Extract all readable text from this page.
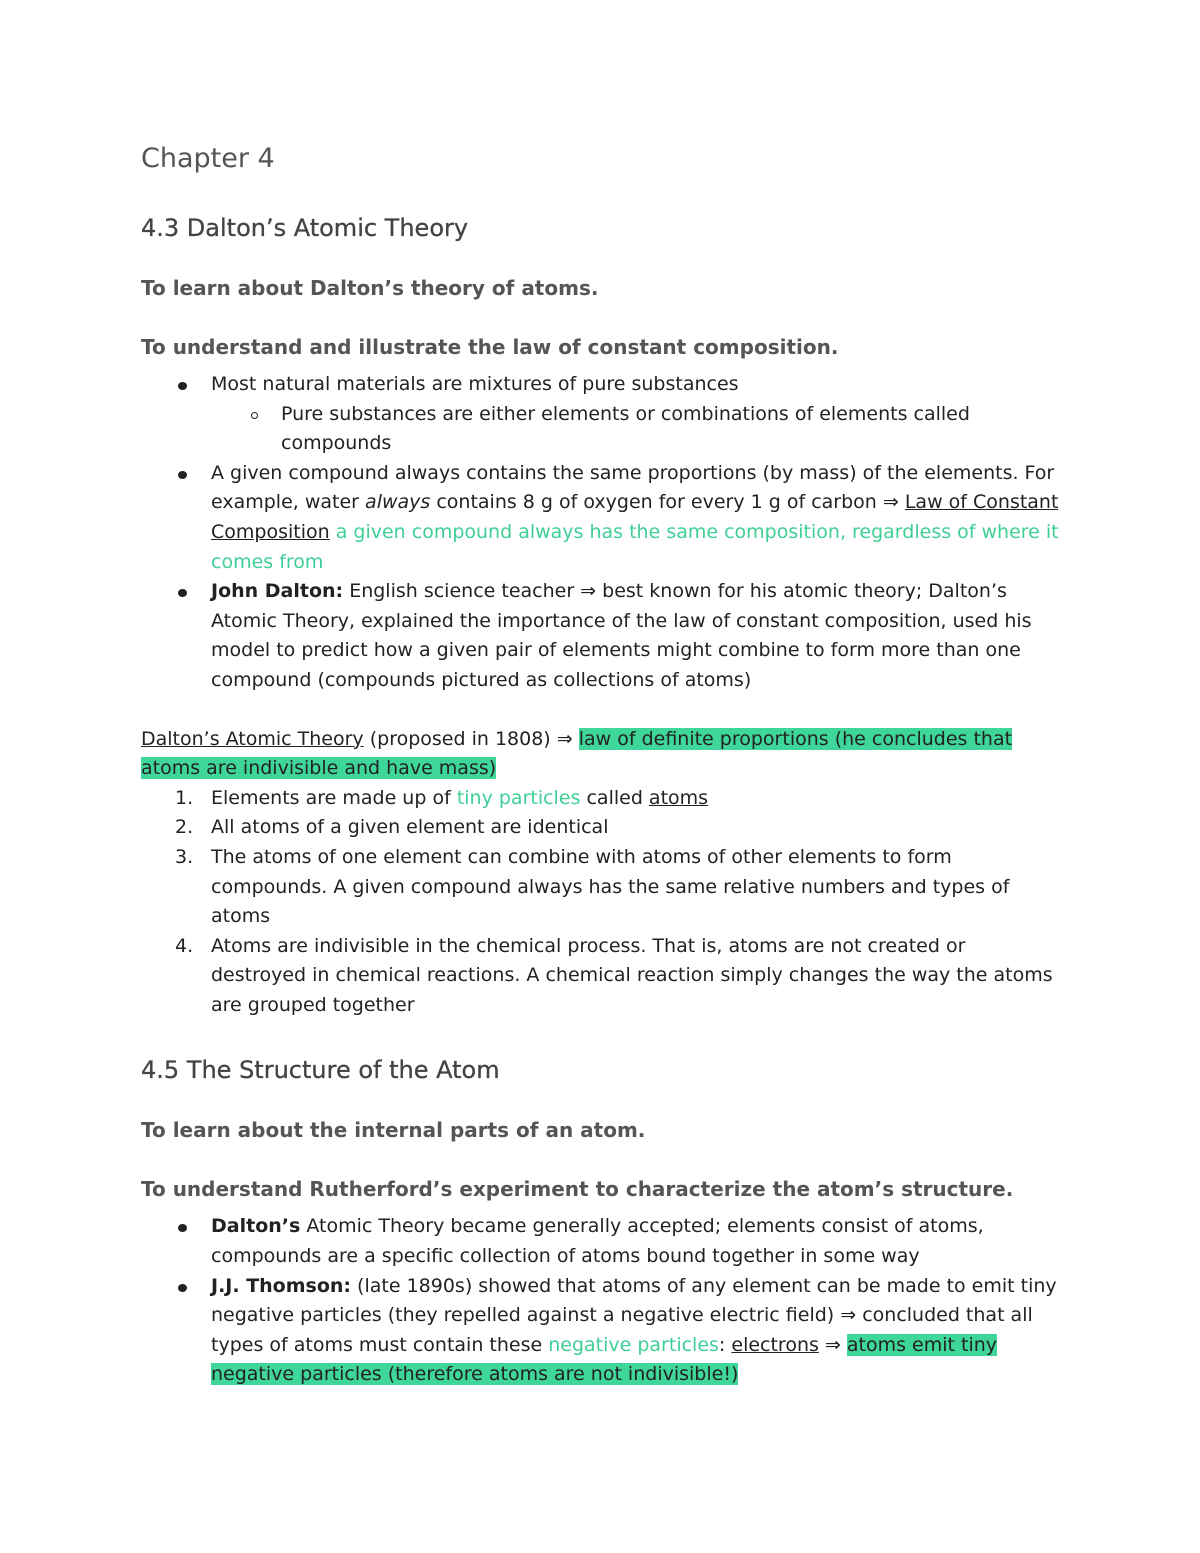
Chapter 4

4.3 Dalton’s Atomic Theory

To learn about Dalton’s theory of atoms.

To understand and illustrate the law of constant composition.

Most natural materials are mixtures of pure substances
Pure substances are either elements or combinations of elements called compounds
A given compound always contains the same proportions (by mass) of the elements. For example, water always contains 8 g of oxygen for every 1 g of carbon ⇒ Law of Constant Composition a given compound always has the same composition, regardless of where it comes from
John Dalton: English science teacher ⇒ best known for his atomic theory; Dalton’s Atomic Theory, explained the importance of the law of constant composition, used his model to predict how a given pair of elements might combine to form more than one compound (compounds pictured as collections of atoms)
Dalton’s Atomic Theory (proposed in 1808) ⇒ law of definite proportions (he concludes that atoms are indivisible and have mass)
1. Elements are made up of tiny particles called atoms
2. All atoms of a given element are identical
3. The atoms of one element can combine with atoms of other elements to form compounds. A given compound always has the same relative numbers and types of atoms
4. Atoms are indivisible in the chemical process. That is, atoms are not created or destroyed in chemical reactions. A chemical reaction simply changes the way the atoms are grouped together
4.5 The Structure of the Atom

To learn about the internal parts of an atom.

To understand Rutherford’s experiment to characterize the atom’s structure.

Dalton’s Atomic Theory became generally accepted; elements consist of atoms, compounds are a specific collection of atoms bound together in some way
J.J. Thomson: (late 1890s) showed that atoms of any element can be made to emit tiny negative particles (they repelled against a negative electric field) ⇒ concluded that all types of atoms must contain these negative particles: electrons ⇒ atoms emit tiny negative particles (therefore atoms are not indivisible!)
